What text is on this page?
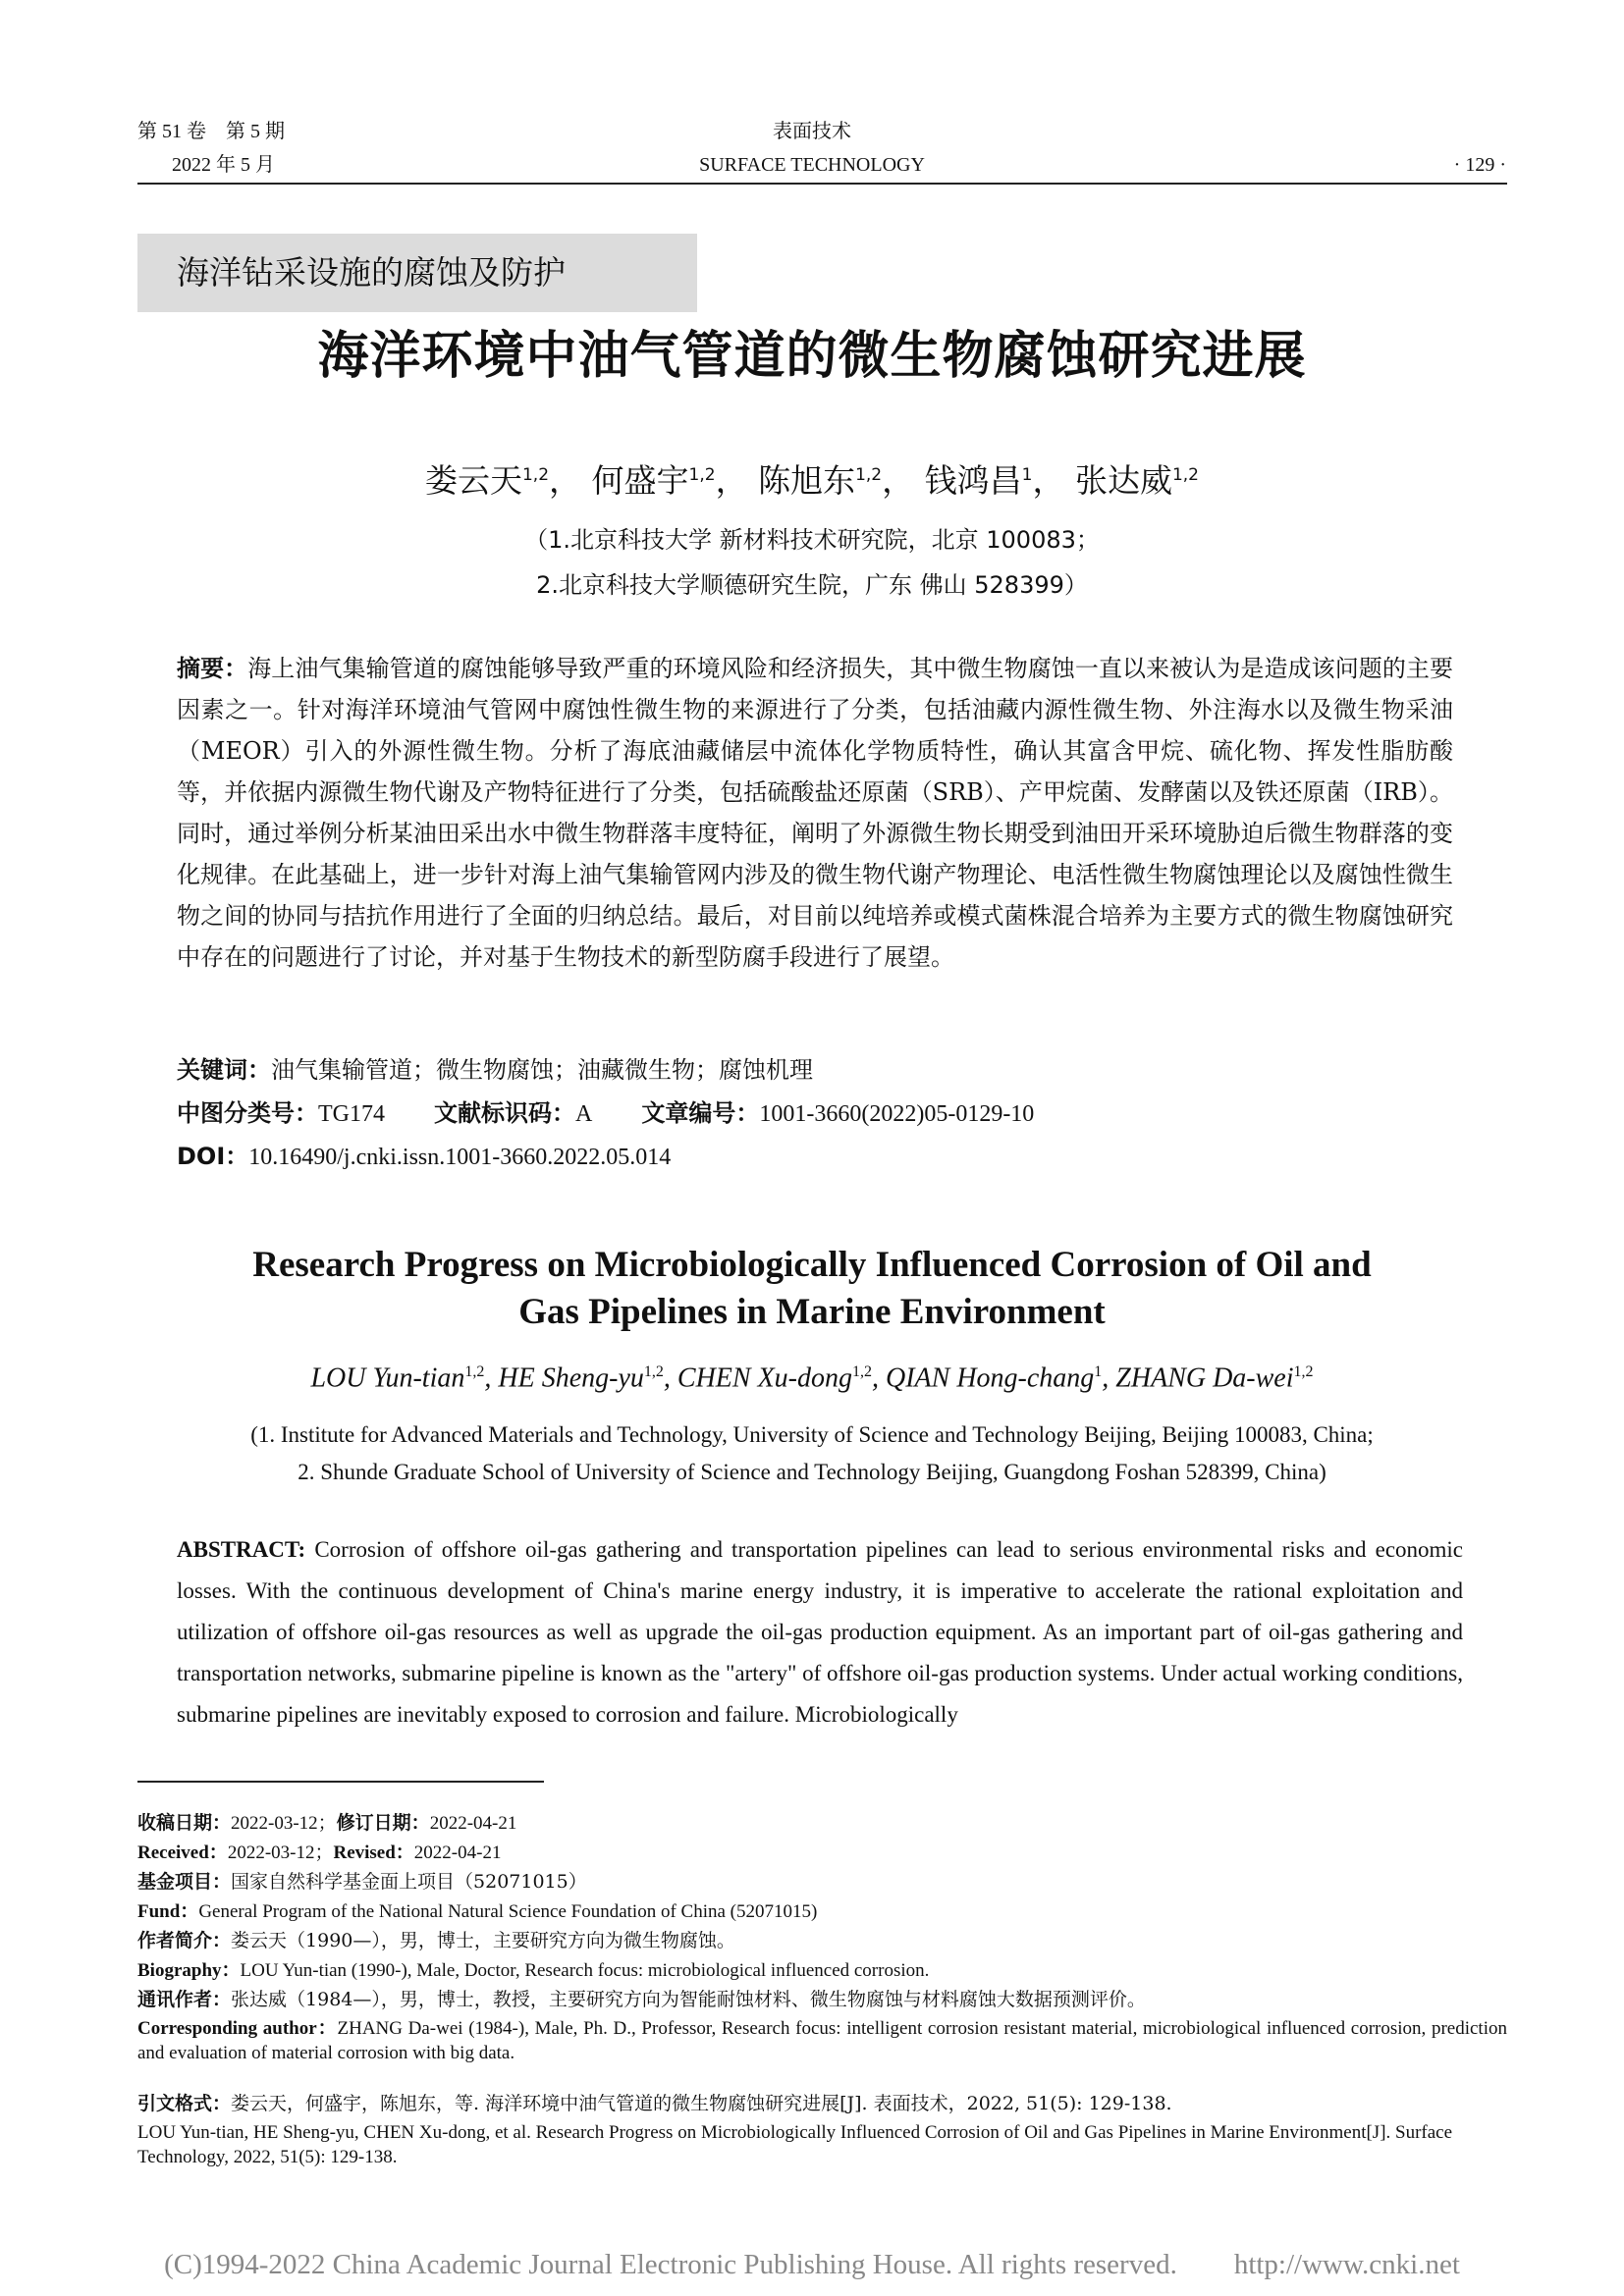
第 51 卷　第 5 期
2022 年 5 月
表面技术
SURFACE TECHNOLOGY	· 129 ·
海洋钻采设施的腐蚀及防护
海洋环境中油气管道的微生物腐蚀研究进展
娄云天$^{1,2}$， 何盛宇$^{1,2}$， 陈旭东$^{1,2}$， 钱鸿昌$^1$， 张达威$^{1,2}$
（1.北京科技大学 新材料技术研究院，北京 100083；
2.北京科技大学顺德研究生院，广东 佛山 528399）
摘要：海上油气集输管道的腐蚀能够导致严重的环境风险和经济损失，其中微生物腐蚀一直以来被认为是造成该问题的主要因素之一。针对海洋环境油气管网中腐蚀性微生物的来源进行了分类，包括油藏内源性微生物、外注海水以及微生物采油（MEOR）引入的外源性微生物。分析了海底油藏储层中流体化学物质特性，确认其富含甲烷、硫化物、挥发性脂肪酸等，并依据内源微生物代谢及产物特征进行了分类，包括硫酸盐还原菌（SRB）、产甲烷菌、发酵菌以及铁还原菌（IRB）。同时，通过举例分析某油田采出水中微生物群落丰度特征，阐明了外源微生物长期受到油田开采环境胁迫后微生物群落的变化规律。在此基础上，进一步针对海上油气集输管网内涉及的微生物代谢产物理论、电活性微生物腐蚀理论以及腐蚀性微生物之间的协同与拮抗作用进行了全面的归纳总结。最后，对目前以纯培养或模式菌株混合培养为主要方式的微生物腐蚀研究中存在的问题进行了讨论，并对基于生物技术的新型防腐手段进行了展望。
关键词：油气集输管道；微生物腐蚀；油藏微生物；腐蚀机理
中图分类号：TG174 文献标识码：A 文章编号：1001-3660(2022)05-0129-10
DOI：10.16490/j.cnki.issn.1001-3660.2022.05.014
Research Progress on Microbiologically Influenced Corrosion of Oil and
Gas Pipelines in Marine Environment
LOU Yun-tian$^{1,2}$, HE Sheng-yu$^{1,2}$, CHEN Xu-dong$^{1,2}$, QIAN Hong-chang$^1$, ZHANG Da-wei$^{1,2}$
(1. Institute for Advanced Materials and Technology, University of Science and Technology Beijing, Beijing 100083, China;
2. Shunde Graduate School of University of Science and Technology Beijing, Guangdong Foshan 528399, China)
ABSTRACT: Corrosion of offshore oil-gas gathering and transportation pipelines can lead to serious environmental risks and economic losses. With the continuous development of China's marine energy industry, it is imperative to accelerate the rational exploitation and utilization of offshore oil-gas resources as well as upgrade the oil-gas production equipment. As an important part of oil-gas gathering and transportation networks, submarine pipeline is known as the "artery" of offshore oil-gas production systems. Under actual working conditions, submarine pipelines are inevitably exposed to corrosion and failure. Microbiologically
收稿日期：2022-03-12；修订日期：2022-04-21
Received：2022-03-12；Revised：2022-04-21
基金项目：国家自然科学基金面上项目（52071015）
Fund：General Program of the National Natural Science Foundation of China (52071015)
作者简介：娄云天（1990—），男，博士，主要研究方向为微生物腐蚀。
Biography：LOU Yun-tian (1990-), Male, Doctor, Research focus: microbiological influenced corrosion.
通讯作者：张达威（1984—），男，博士，教授，主要研究方向为智能耐蚀材料、微生物腐蚀与材料腐蚀大数据预测评价。
Corresponding author：ZHANG Da-wei (1984-), Male, Ph. D., Professor, Research focus: intelligent corrosion resistant material, microbiological influenced corrosion, prediction and evaluation of material corrosion with big data.
引文格式：娄云天，何盛宇，陈旭东，等. 海洋环境中油气管道的微生物腐蚀研究进展[J]. 表面技术，2022, 51(5): 129-138.
LOU Yun-tian, HE Sheng-yu, CHEN Xu-dong, et al. Research Progress on Microbiologically Influenced Corrosion of Oil and Gas Pipelines in Marine Environment[J]. Surface Technology, 2022, 51(5): 129-138.
(C)1994-2022 China Academic Journal Electronic Publishing House. All rights reserved.　　http://www.cnki.net
